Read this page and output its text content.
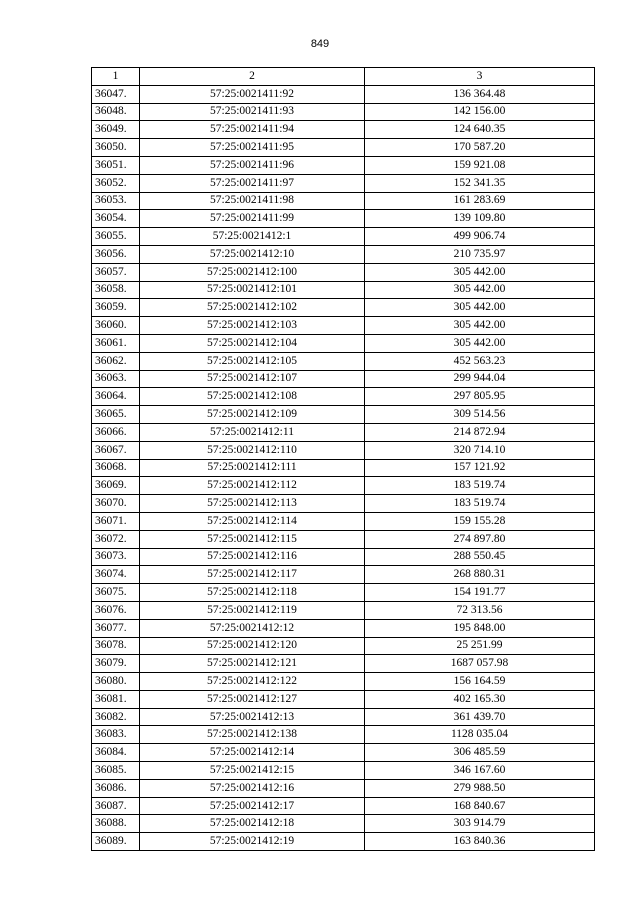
849
1	2	3
36047.	57:25:0021411:92	136 364.48
36048.	57:25:0021411:93	142 156.00
36049.	57:25:0021411:94	124 640.35
36050.	57:25:0021411:95	170 587.20
36051.	57:25:0021411:96	159 921.08
36052.	57:25:0021411:97	152 341.35
36053.	57:25:0021411:98	161 283.69
36054.	57:25:0021411:99	139 109.80
36055.	57:25:0021412:1	499 906.74
36056.	57:25:0021412:10	210 735.97
36057.	57:25:0021412:100	305 442.00
36058.	57:25:0021412:101	305 442.00
36059.	57:25:0021412:102	305 442.00
36060.	57:25:0021412:103	305 442.00
36061.	57:25:0021412:104	305 442.00
36062.	57:25:0021412:105	452 563.23
36063.	57:25:0021412:107	299 944.04
36064.	57:25:0021412:108	297 805.95
36065.	57:25:0021412:109	309 514.56
36066.	57:25:0021412:11	214 872.94
36067.	57:25:0021412:110	320 714.10
36068.	57:25:0021412:111	157 121.92
36069.	57:25:0021412:112	183 519.74
36070.	57:25:0021412:113	183 519.74
36071.	57:25:0021412:114	159 155.28
36072.	57:25:0021412:115	274 897.80
36073.	57:25:0021412:116	288 550.45
36074.	57:25:0021412:117	268 880.31
36075.	57:25:0021412:118	154 191.77
36076.	57:25:0021412:119	72 313.56
36077.	57:25:0021412:12	195 848.00
36078.	57:25:0021412:120	25 251.99
36079.	57:25:0021412:121	1687 057.98
36080.	57:25:0021412:122	156 164.59
36081.	57:25:0021412:127	402 165.30
36082.	57:25:0021412:13	361 439.70
36083.	57:25:0021412:138	1128 035.04
36084.	57:25:0021412:14	306 485.59
36085.	57:25:0021412:15	346 167.60
36086.	57:25:0021412:16	279 988.50
36087.	57:25:0021412:17	168 840.67
36088.	57:25:0021412:18	303 914.79
36089.	57:25:0021412:19	163 840.36
